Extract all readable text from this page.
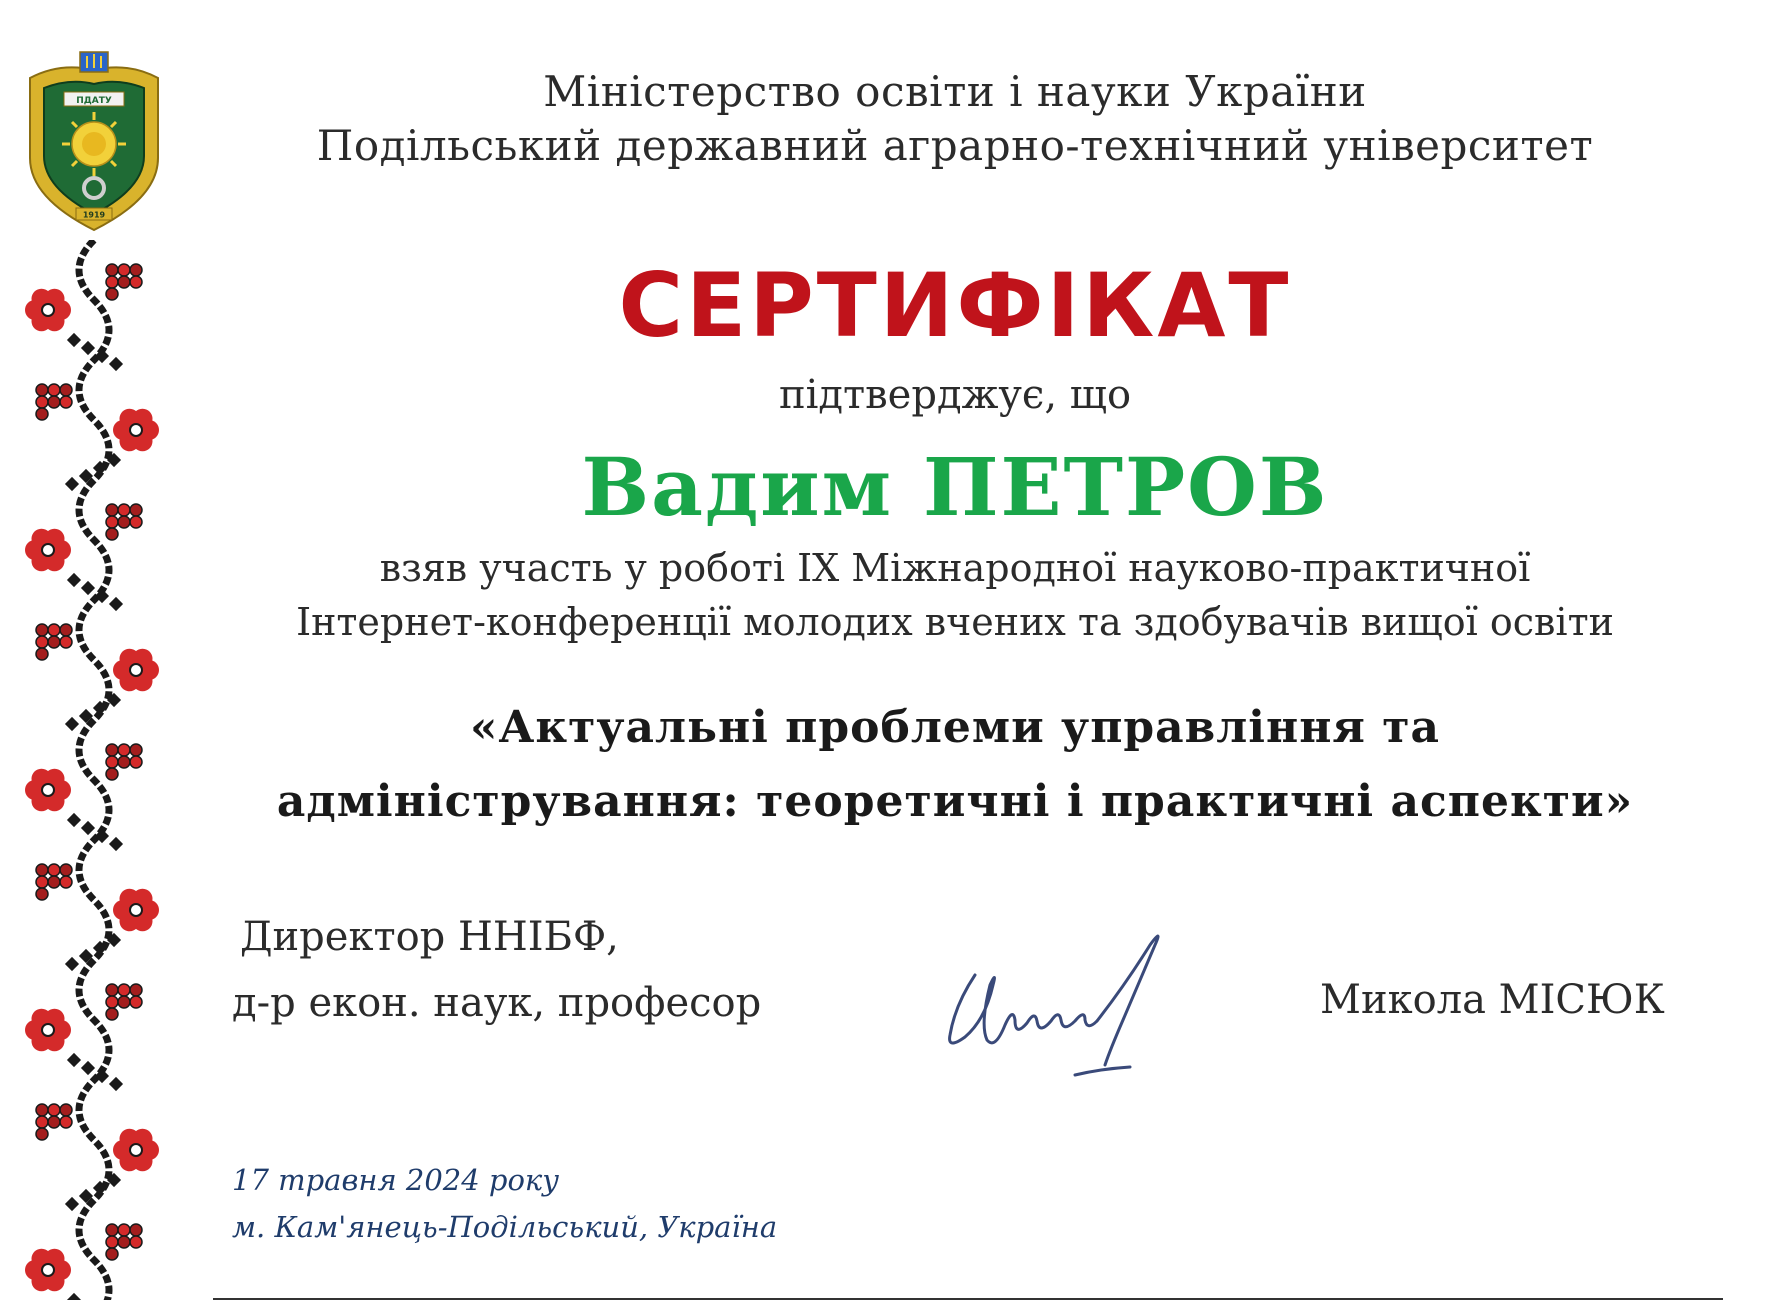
ПДАТУ
1919
Міністерство освіти і науки України
Подільський державний аграрно-технічний університет
СЕРТИФІКАТ
підтверджує, що
Вадим ПЕТРОВ
взяв участь у роботі IX Міжнародної науково-практичної
Інтернет-конференції молодих вчених та здобувачів вищої освіти
«Актуальні проблеми управління та
адміністрування: теоретичні і практичні аспекти»
Директор ННІБФ,
д-р екон. наук, професор	Микола МІСЮК
17 травня 2024 року
м. Кам'янець-Подільський, Україна
